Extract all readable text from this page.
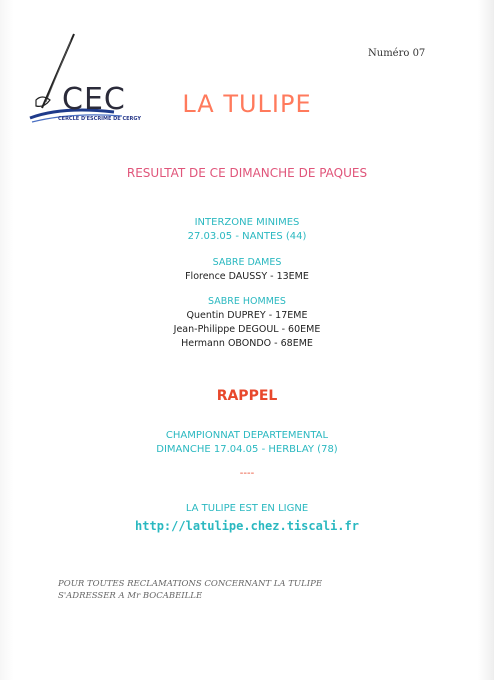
CEC
CERCLE D'ESCRIME DE CERGY
Numéro 07
LA TULIPE
RESULTAT DE CE DIMANCHE DE PAQUES
INTERZONE MINIMES
27.03.05 - NANTES (44)
SABRE DAMES
Florence DAUSSY - 13EME
SABRE HOMMES
Quentin DUPREY - 17EME
Jean-Philippe DEGOUL - 60EME
Hermann OBONDO - 68EME
RAPPEL
CHAMPIONNAT DEPARTEMENTAL
DIMANCHE 17.04.05 - HERBLAY (78)
----
LA TULIPE EST EN LIGNE
http://latulipe.chez.tiscali.fr
POUR TOUTES RECLAMATIONS CONCERNANT LA TULIPE
S'ADRESSER A Mr BOCABEILLE
